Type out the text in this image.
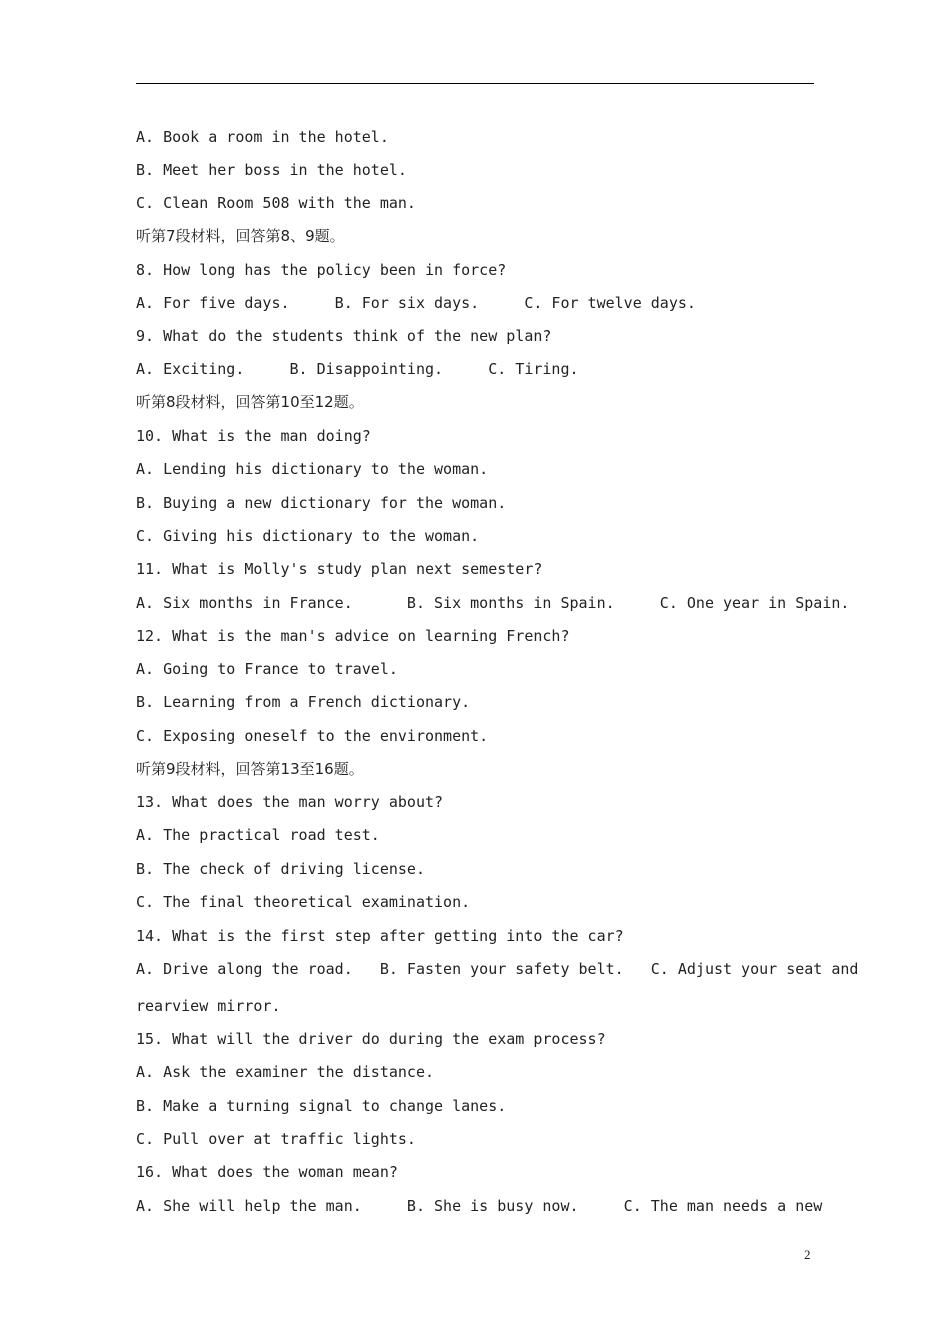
A. Book a room in the hotel.
B. Meet her boss in the hotel.
C. Clean Room 508 with the man.
听第7段材料，回答第8、9题。
8. How long has the policy been in force?
A. For five days.     B. For six days.     C. For twelve days.
9. What do the students think of the new plan?
A. Exciting.     B. Disappointing.     C. Tiring.
听第8段材料，回答第10至12题。
10. What is the man doing?
A. Lending his dictionary to the woman.
B. Buying a new dictionary for the woman.
C. Giving his dictionary to the woman.
11. What is Molly's study plan next semester?
A. Six months in France.      B. Six months in Spain.     C. One year in Spain.
12. What is the man's advice on learning French?
A. Going to France to travel.
B. Learning from a French dictionary.
C. Exposing oneself to the environment.
听第9段材料，回答第13至16题。
13. What does the man worry about?
A. The practical road test.
B. The check of driving license.
C. The final theoretical examination.
14. What is the first step after getting into the car?
A. Drive along the road.   B. Fasten your safety belt.   C. Adjust your seat and
rearview mirror.
15. What will the driver do during the exam process?
A. Ask the examiner the distance.
B. Make a turning signal to change lanes.
C. Pull over at traffic lights.
16. What does the woman mean?
A. She will help the man.     B. She is busy now.     C. The man needs a new
2
